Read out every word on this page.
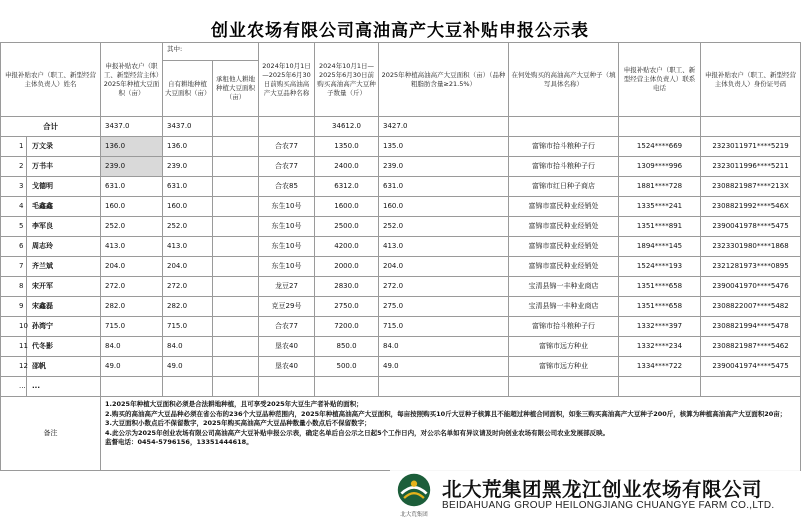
创业农场有限公司高油高产大豆补贴申报公示表
申报补贴农户（职工、新型经营主体负责人）姓名		申报补贴农户（职工、新型经营主体）2025年种植大豆面积（亩）	其中:		2024年10月1日—2025年6月30日前购买高油高产大豆品种名称	2024年10月1日—2025年6月30日前购买高油高产大豆种子数量（斤）	2025年种植高油高产大豆面积（亩）（品种粗脂肪含量≥21.5%）	在何处购买的高油高产大豆种子（填写具体名称）	申报补贴农户（职工、新型经营主体负责人）联系电话	申报补贴农户（职工、新型经营主体负责人）身份证号码
			自有耕地种植大豆面积（亩）	承租他人耕地种植大豆面积（亩）						
合计		3437.0	3437.0			34612.0	3427.0			
1	万文录	136.0	136.0		合农77	1350.0	135.0	富锦市拾斗粮种子行	1524****669	2323011971****5219
2	万书丰	239.0	239.0		合农77	2400.0	239.0	富锦市拾斗粮种子行	1309****996	2323011996****5211
3	戈德明	631.0	631.0		合农85	6312.0	631.0	富锦市红日种子商店	1881****728	2308821987****213X
4	毛鑫鑫	160.0	160.0		东生10号	1600.0	160.0	富锦市富民种业经销处	1335****241	2308821992****546X
5	李军良	252.0	252.0		东生10号	2500.0	252.0	富锦市富民种业经销处	1351****891	2390041978****5475
6	周志玲	413.0	413.0		东生10号	4200.0	413.0	富锦市富民种业经销处	1894****145	2323301980****1868
7	齐兰斌	204.0	204.0		东生10号	2000.0	204.0	富锦市富民种业经销处	1524****193	2321281973****0895
8	宋开军	272.0	272.0		龙豆27	2830.0	272.0	宝清县锦一丰种业商店	1351****658	2390041970****5476
9	宋鑫磊	282.0	282.0		克豆29号	2750.0	275.0	宝清县锦一丰种业商店	1351****658	2308822007****5482
10	孙湾宁	715.0	715.0		合农77	7200.0	715.0	富锦市拾斗粮种子行	1332****397	2308821994****5478
11	代冬影	84.0	84.0		垦农40	850.0	84.0	富锦市远方种业	1332****234	2308821987****5462
12	邵帆	49.0	49.0		垦农40	500.0	49.0	富锦市远方种业	1334****722	2390041974****5475
...	...									
备注		1.2025年种植大豆面积必须是合法耕地种植，且可享受2025年大豆生产者补贴的面积；
2.购买的高油高产大豆品种必须在省公布的236个大豆品种范围内，2025年种植高油高产大豆面积，每亩按照购买10斤大豆种子核算且不能超过种植合同面积，如张三购买高油高产大豆种子200斤，核算为种植高油高产大豆面积20亩；
3.大豆面积小数点后不保留数字，2025年购买高油高产大豆品种数量小数点后不保留数字；
4.此公示为2025年创业农场有限公司高油高产大豆补贴申报公示表，确定名单后自公示之日起5个工作日内，对公示名单如有异议请及时向创业农场有限公司农业发展部反映。
监督电话：0454-5796156，13351444618。								
北大荒集团
北大荒集团黑龙江创业农场有限公司
BEIDAHUANG GROUP HEILONGJIANG CHUANGYE FARM CO.,LTD.
